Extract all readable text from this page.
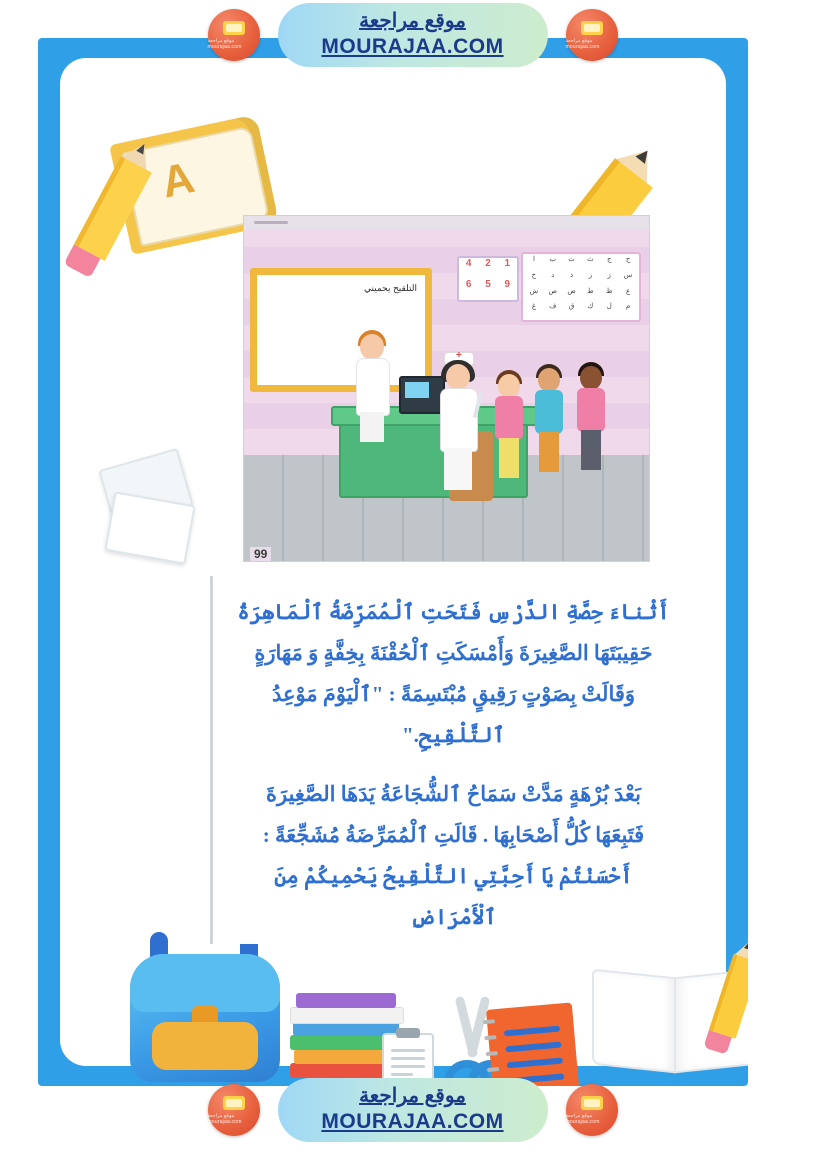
موقع مراجعة mourajaa.com
موقع مراجعة
MOURAJAA.COM	موقع مراجعة mourajaa.com
A
التلقيح يحميني
ا	ب	ت	ث	ج	ح
خ	د	ذ	ر	ز	س
ش	ص	ض	ط	ظ	ع
غ	ف	ق	ك	ل	م
4	2	1
6	5	9
+
99
أَثْناءَ حِصَّةِ الدَّرْسِ فَتَحَتِ ٱلْمُمَرِّضَةُ ٱلْمَاهِرَةُ
حَقِيبَتَهَا الصَّغِيرَةَ وَأَمْسَكَتِ ٱلْحُقْنَةَ بِخِفَّةٍ وَ مَهَارَةٍ
وَقَالَتْ بِصَوْتٍ رَقِيقٍ مُبْتَسِمَةً : "ٱلْيَوْمَ مَوْعِدُ
ٱلتَّلْقِيحِ."
بَعْدَ بُرْهَةٍ مَدَّتْ سَمَاحُ ٱلشُّجَاعَةُ يَدَهَا الصَّغِيرَةَ
فَتَبِعَهَا كُلُّ أَصْحَابِهَا . قَالَتِ ٱلْمُمَرِّضَةُ مُشَجِّعَةً :
أَحْسَنْتُمْ يَا أَحِبَّتِي التَّلْقِيحُ يَحْمِيكُمْ مِنَ ٱلْأَمْرَاضِ
موقع مراجعة mourajaa.com
موقع مراجعة
MOURAJAA.COM	موقع مراجعة mourajaa.com
